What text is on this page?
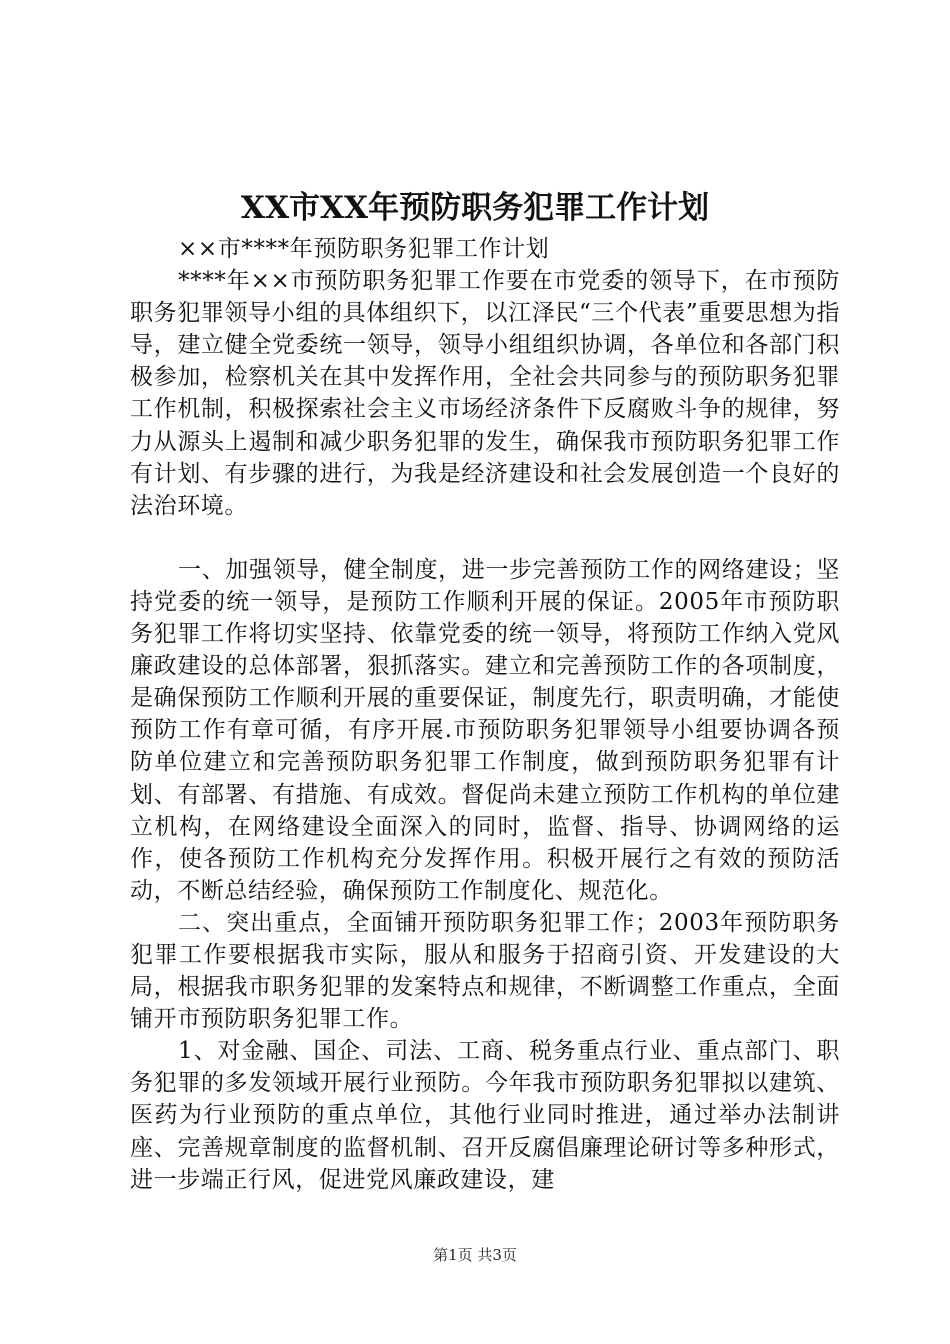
XX市XX年预防职务犯罪工作计划

××市****年预防职务犯罪工作计划

****年××市预防职务犯罪工作要在市党委的领导下，在市预防职务犯罪领导小组的具体组织下，以江泽民“三个代表”重要思想为指导，建立健全党委统一领导，领导小组组织协调，各单位和各部门积极参加，检察机关在其中发挥作用，全社会共同参与的预防职务犯罪工作机制，积极探索社会主义市场经济条件下反腐败斗争的规律，努力从源头上遏制和减少职务犯罪的发生，确保我市预防职务犯罪工作有计划、有步骤的进行，为我是经济建设和社会发展创造一个良好的法治环境。

一、加强领导，健全制度，进一步完善预防工作的网络建设；坚持党委的统一领导，是预防工作顺利开展的保证。2005年市预防职务犯罪工作将切实坚持、依靠党委的统一领导，将预防工作纳入党风廉政建设的总体部署，狠抓落实。建立和完善预防工作的各项制度，是确保预防工作顺利开展的重要保证，制度先行，职责明确，才能使预防工作有章可循，有序开展.市预防职务犯罪领导小组要协调各预防单位建立和完善预防职务犯罪工作制度，做到预防职务犯罪有计划、有部署、有措施、有成效。督促尚未建立预防工作机构的单位建立机构，在网络建设全面深入的同时，监督、指导、协调网络的运作，使各预防工作机构充分发挥作用。积极开展行之有效的预防活动，不断总结经验，确保预防工作制度化、规范化。

二、突出重点，全面铺开预防职务犯罪工作；2003年预防职务犯罪工作要根据我市实际，服从和服务于招商引资、开发建设的大局，根据我市职务犯罪的发案特点和规律，不断调整工作重点，全面铺开市预防职务犯罪工作。

1、对金融、国企、司法、工商、税务重点行业、重点部门、职务犯罪的多发领域开展行业预防。今年我市预防职务犯罪拟以建筑、医药为行业预防的重点单位，其他行业同时推进，通过举办法制讲座、完善规章制度的监督机制、召开反腐倡廉理论研讨等多种形式，进一步端正行风，促进党风廉政建设，建

第1页 共3页
